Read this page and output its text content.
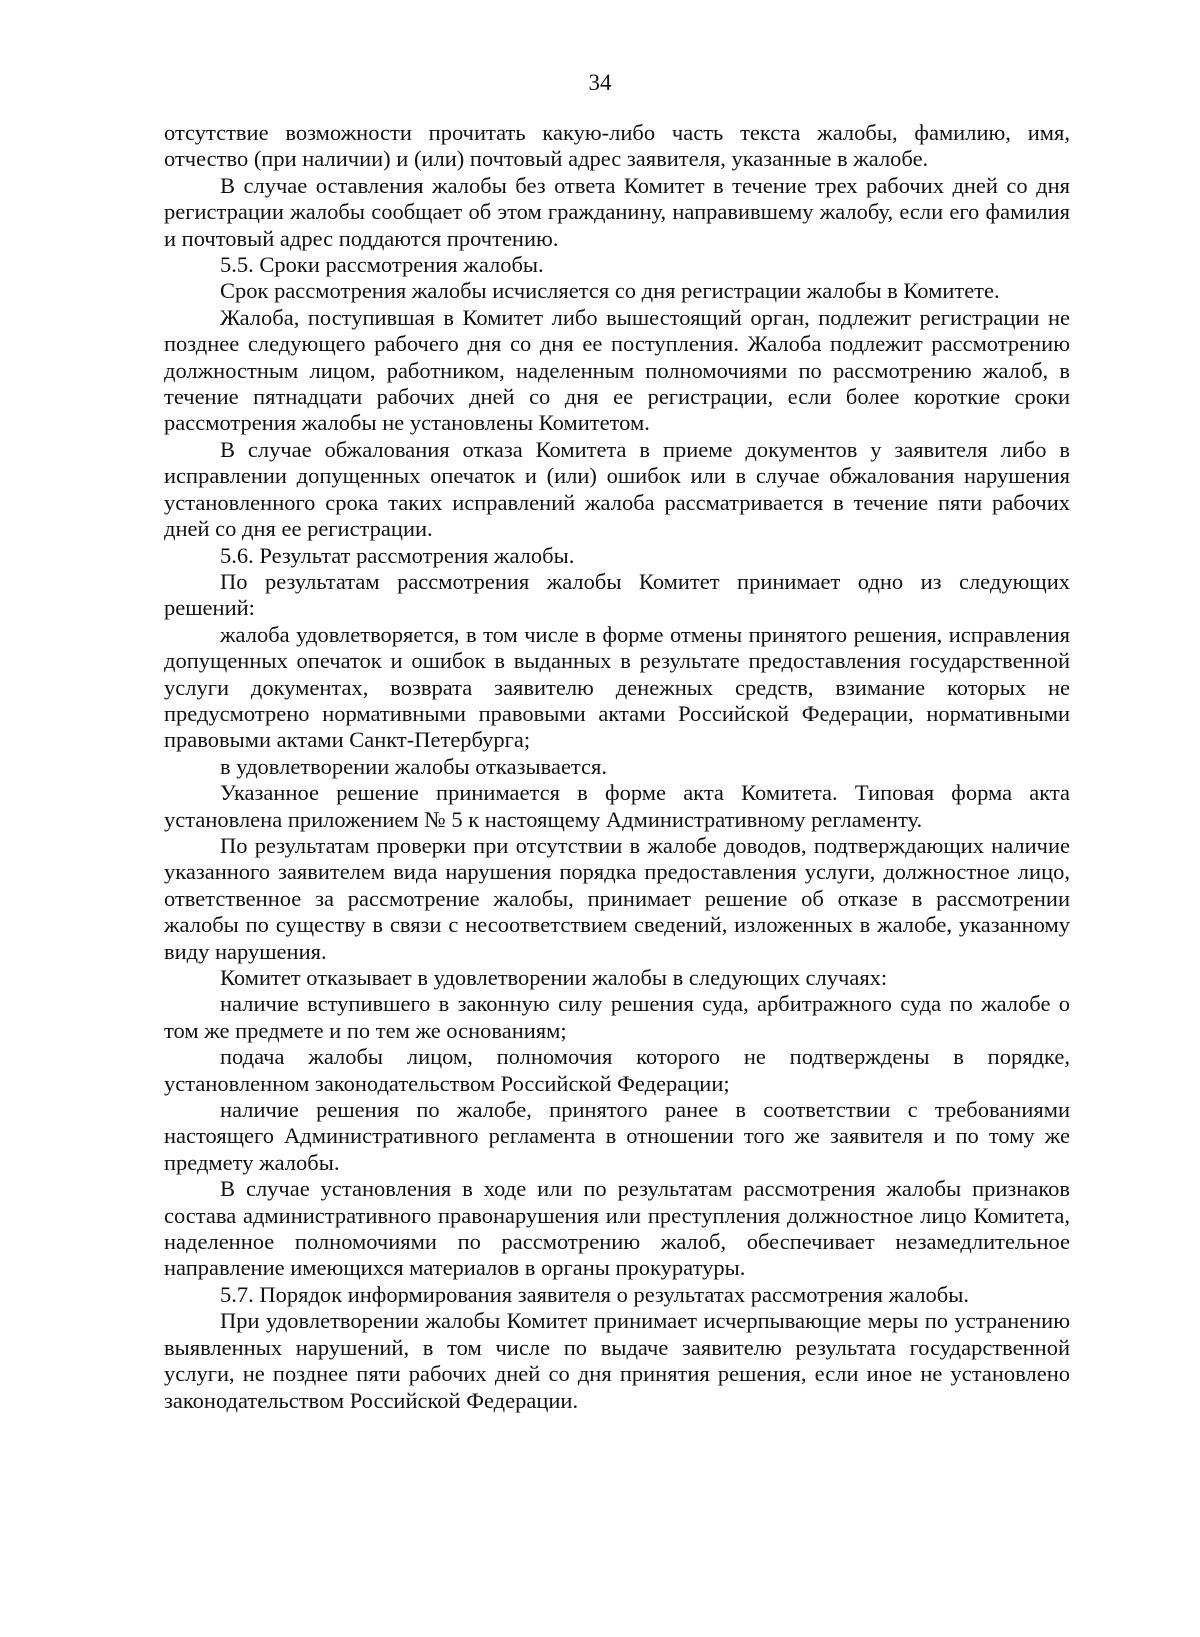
34

отсутствие возможности прочитать какую-либо часть текста жалобы, фамилию, имя, отчество (при наличии) и (или) почтовый адрес заявителя, указанные в жалобе.

В случае оставления жалобы без ответа Комитет в течение трех рабочих дней со дня регистрации жалобы сообщает об этом гражданину, направившему жалобу, если его фамилия и почтовый адрес поддаются прочтению.

5.5. Сроки рассмотрения жалобы.

Срок рассмотрения жалобы исчисляется со дня регистрации жалобы в Комитете.

Жалоба, поступившая в Комитет либо вышестоящий орган, подлежит регистрации не позднее следующего рабочего дня со дня ее поступления. Жалоба подлежит рассмотрению должностным лицом, работником, наделенным полномочиями по рассмотрению жалоб, в течение пятнадцати рабочих дней со дня ее регистрации, если более короткие сроки рассмотрения жалобы не установлены Комитетом.

В случае обжалования отказа Комитета в приеме документов у заявителя либо в исправлении допущенных опечаток и (или) ошибок или в случае обжалования нарушения установленного срока таких исправлений жалоба рассматривается в течение пяти рабочих дней со дня ее регистрации.

5.6. Результат рассмотрения жалобы.

По результатам рассмотрения жалобы Комитет принимает одно из следующих решений:

жалоба удовлетворяется, в том числе в форме отмены принятого решения, исправления допущенных опечаток и ошибок в выданных в результате предоставления государственной услуги документах, возврата заявителю денежных средств, взимание которых не предусмотрено нормативными правовыми актами Российской Федерации, нормативными правовыми актами Санкт-Петербурга;

в удовлетворении жалобы отказывается.

Указанное решение принимается в форме акта Комитета. Типовая форма акта установлена приложением № 5 к настоящему Административному регламенту.

По результатам проверки при отсутствии в жалобе доводов, подтверждающих наличие указанного заявителем вида нарушения порядка предоставления услуги, должностное лицо, ответственное за рассмотрение жалобы, принимает решение об отказе в рассмотрении жалобы по существу в связи с несоответствием сведений, изложенных в жалобе, указанному виду нарушения.

Комитет отказывает в удовлетворении жалобы в следующих случаях:

наличие вступившего в законную силу решения суда, арбитражного суда по жалобе о том же предмете и по тем же основаниям;

подача жалобы лицом, полномочия которого не подтверждены в порядке, установленном законодательством Российской Федерации;

наличие решения по жалобе, принятого ранее в соответствии с требованиями настоящего Административного регламента в отношении того же заявителя и по тому же предмету жалобы.

В случае установления в ходе или по результатам рассмотрения жалобы признаков состава административного правонарушения или преступления должностное лицо Комитета, наделенное полномочиями по рассмотрению жалоб, обеспечивает незамедлительное направление имеющихся материалов в органы прокуратуры.

5.7. Порядок информирования заявителя о результатах рассмотрения жалобы.

При удовлетворении жалобы Комитет принимает исчерпывающие меры по устранению выявленных нарушений, в том числе по выдаче заявителю результата государственной услуги, не позднее пяти рабочих дней со дня принятия решения, если иное не установлено законодательством Российской Федерации.
